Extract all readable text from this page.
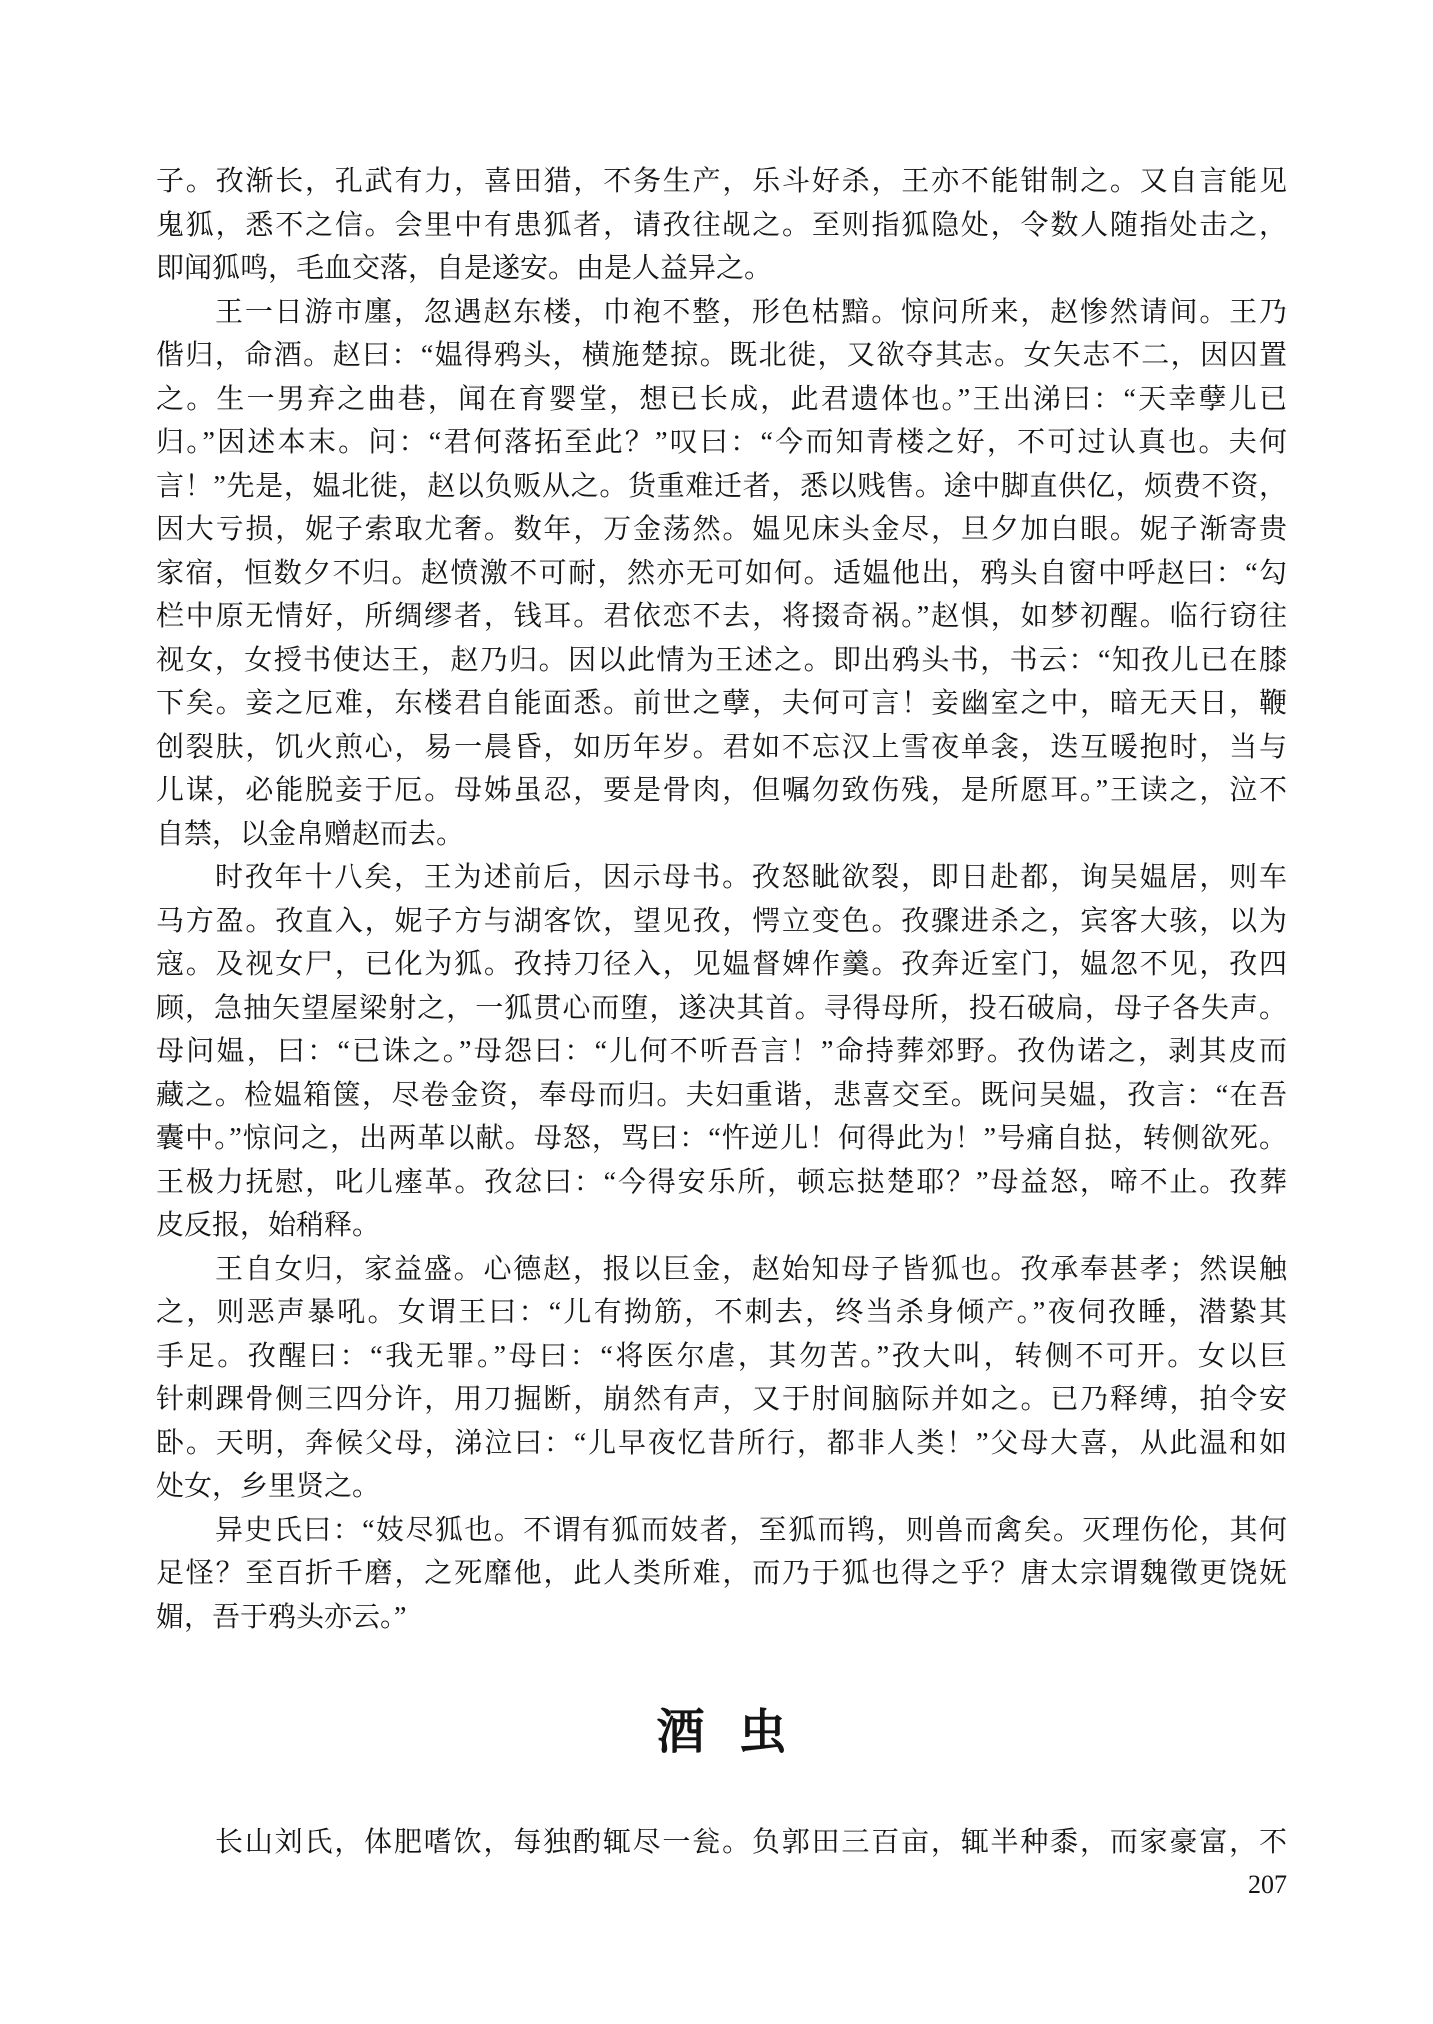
子。孜渐长，孔武有力，喜田猎，不务生产，乐斗好杀，王亦不能钳制之。又自言能见
鬼狐，悉不之信。会里中有患狐者，请孜往觇之。至则指狐隐处，令数人随指处击之，
即闻狐鸣，毛血交落，自是遂安。由是人益异之。
王一日游市廛，忽遇赵东楼，巾袍不整，形色枯黯。惊问所来，赵惨然请间。王乃
偕归，命酒。赵曰：“媪得鸦头，横施楚掠。既北徙，又欲夺其志。女矢志不二，因囚置
之。生一男弃之曲巷，闻在育婴堂，想已长成，此君遗体也。”王出涕曰：“天幸孽儿已
归。”因述本末。问：“君何落拓至此？”叹曰：“今而知青楼之好，不可过认真也。夫何
言！”先是，媪北徙，赵以负贩从之。货重难迁者，悉以贱售。途中脚直供亿，烦费不资，
因大亏损，妮子索取尤奢。数年，万金荡然。媪见床头金尽，旦夕加白眼。妮子渐寄贵
家宿，恒数夕不归。赵愤激不可耐，然亦无可如何。适媪他出，鸦头自窗中呼赵曰：“勾
栏中原无情好，所绸缪者，钱耳。君依恋不去，将掇奇祸。”赵惧，如梦初醒。临行窃往
视女，女授书使达王，赵乃归。因以此情为王述之。即出鸦头书，书云：“知孜儿已在膝
下矣。妾之厄难，东楼君自能面悉。前世之孽，夫何可言！妾幽室之中，暗无天日，鞭
创裂肤，饥火煎心，易一晨昏，如历年岁。君如不忘汉上雪夜单衾，迭互暖抱时，当与
儿谋，必能脱妾于厄。母姊虽忍，要是骨肉，但嘱勿致伤残，是所愿耳。”王读之，泣不
自禁，以金帛赠赵而去。
时孜年十八矣，王为述前后，因示母书。孜怒眦欲裂，即日赴都，询吴媪居，则车
马方盈。孜直入，妮子方与湖客饮，望见孜，愕立变色。孜骤进杀之，宾客大骇，以为
寇。及视女尸，已化为狐。孜持刀径入，见媪督婢作羹。孜奔近室门，媪忽不见，孜四
顾，急抽矢望屋梁射之，一狐贯心而堕，遂决其首。寻得母所，投石破扃，母子各失声。
母问媪，曰：“已诛之。”母怨曰：“儿何不听吾言！”命持葬郊野。孜伪诺之，剥其皮而
藏之。检媪箱箧，尽卷金资，奉母而归。夫妇重谐，悲喜交至。既问吴媪，孜言：“在吾
囊中。”惊问之，出两革以献。母怒，骂曰：“忤逆儿！何得此为！”号痛自挞，转侧欲死。
王极力抚慰，叱儿瘗革。孜忿曰：“今得安乐所，顿忘挞楚耶？”母益怒，啼不止。孜葬
皮反报，始稍释。
王自女归，家益盛。心德赵，报以巨金，赵始知母子皆狐也。孜承奉甚孝；然误触
之，则恶声暴吼。女谓王曰：“儿有拗筋，不刺去，终当杀身倾产。”夜伺孜睡，潜絷其
手足。孜醒曰：“我无罪。”母曰：“将医尔虐，其勿苦。”孜大叫，转侧不可开。女以巨
针刺踝骨侧三四分许，用刀掘断，崩然有声，又于肘间脑际并如之。已乃释缚，拍令安
卧。天明，奔候父母，涕泣曰：“儿早夜忆昔所行，都非人类！”父母大喜，从此温和如
处女，乡里贤之。
异史氏曰：“妓尽狐也。不谓有狐而妓者，至狐而鸨，则兽而禽矣。灭理伤伦，其何
足怪？至百折千磨，之死靡他，此人类所难，而乃于狐也得之乎？唐太宗谓魏徵更饶妩
媚，吾于鸦头亦云。”
酒 虫
长山刘氏，体肥嗜饮，每独酌辄尽一瓮。负郭田三百亩，辄半种黍，而家豪富，不
207
